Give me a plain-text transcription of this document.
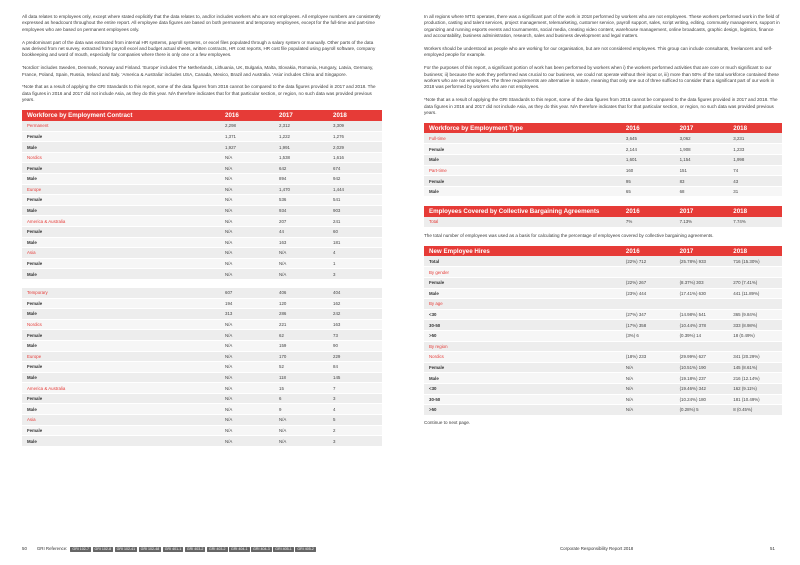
All data relates to employees only, except where stated explicitly that the data relates to, and/or includes workers who are not employees. All employee numbers are consistently expressed as headcount throughout the entire report. All employee data figures are based on both permanent and temporary employees, except for the full-time and part-time employees who are based on permanent employees only.
A predominant part of the data was extracted from internal HR systems, payroll systems, or excel files populated through a salary system or manually. Other parts of the data was derived from net survey, extracted from payroll excel and budget actual sheets, written contracts, HR cost reports, HR cost file populated using payroll software, company bookkeeping and word of mouth, especially for companies where there is only one or a few employees.
'Nordics' includes Sweden, Denmark, Norway and Finland. 'Europe' includes The Netherlands, Lithuania, UK, Bulgaria, Malta, Slovakia, Romania, Hungary, Latvia, Germany, France, Poland, Spain, Russia, Ireland and Italy. 'America & Australia' includes USA, Canada, Mexico, Brazil and Australia. 'Asia' includes China and Singapore.
*Note that as a result of applying the GRI Standards to this report, some of the data figures from 2016 cannot be compared to the data figures provided in 2017 and 2018. The data figures in 2016 and 2017 did not include Asia, as they do this year. N/A therefore indicates that for that particular section, or region, no such data was provided previous years.
Workforce by Employment Contract	2016	2017	2018
Permanent	2,298	2,312	3,309
Female	1,371	1,222	1,276
Male	1,927	1,991	2,029
Nordics	N/A	1,538	1,616
Female	N/A	642	674
Male	N/A	894	942
Europe	N/A	1,470	1,444
Female	N/A	536	541
Male	N/A	934	903
America & Australia	N/A	207	241
Female	N/A	44	60
Male	N/A	163	181
Asia	N/A	N/A	4
Female	N/A	N/A	1
Male	N/A	N/A	3

Temporary	607	406	404
Female	194	120	162
Male	313	286	242
Nordics	N/A	221	163
Female	N/A	62	73
Male	N/A	159	90
Europe	N/A	170	229
Female	N/A	52	84
Male	N/A	118	145
America & Australia	N/A	15	7
Female	N/A	6	3
Male	N/A	9	4
Asia	N/A	N/A	5
Female	N/A	N/A	2
Male	N/A	N/A	3
In all regions where MTG operates, there was a significant part of the work in 2018 performed by workers who are not employees. These workers performed work in the field of production, casting and talent services, project management, telemarketing, customer service, payroll support, sales, script writing, editing, community management, support in organizing and running esports events and tournaments, social media, creating video content, warehouse management, online broadcasts, graphic design, logistics, finance and accountability, business administration, research, sales and business development and legal matters.
Workers should be understood as people who are working for our organisation, but are not considered employees. This group can include consultants, freelancers and self-employed people for example.
For the purposes of this report, a significant portion of work has been performed by workers when i) the workers performed activities that are core or much significant to our business; ii) because the work they performed was crucial to our business, we could not operate without their input or, iii) more than 50% of the total workforce contained these workers who are not employees. The three requirements are alternative in nature, meaning that only one out of three sufficed to consider that a significant part of our work in 2018 was performed by workers who are not employees.
*Note that as a result of applying the GRI Standards to this report, some of the data figures from 2016 cannot be compared to the data figures provided in 2017 and 2018. The data figures in 2016 and 2017 did not include Asia, as they do this year. N/A therefore indicates that for that particular section, or region, no such data was provided previous years.
Workforce by Employment Type	2016	2017	2018
Full-time	3,645	3,062	3,231
Female	2,144	1,908	1,233
Male	1,601	1,154	1,998
Part-time	160	151	74
Female	95	83	43
Male	65	68	31
Employees Covered by Collective Bargaining Agreements	2016	2017	2018
Total	7%	7.13%	7.74%
The total number of employees was used as a basis for calculating the percentage of employees covered by collective bargaining agreements.
New Employee Hires	2016	2017	2018
Total	(22%) 712	(25.78%) 933	716 (15.30%)
By gender			
Female	(22%) 267	(8.37%) 303	270 (7.41%)
Male	(23%) 444	(17.41%) 630	441 (11.89%)
By age			
<30	(27%) 347	(14.98%) 541	365 (9.84%)
30-50	(17%) 358	(10.44%) 378	333 (8.98%)
>50	(3%) 6	(0.39%) 14	18 (0.49%)
By region			
Nordics	(18%) 233	(29.99%) 627	341 (20.29%)
Female	N/A	(10.51%) 190	145 (8.61%)
Male	N/A	(19.18%) 237	216 (12.14%)
<30	N/A	(19.46%) 342	162 (9.11%)
30-50	N/A	(10.24%) 180	181 (10.49%)
>50	N/A	(0.28%) 5	8 (0.45%)
Continue to next page.
50 GRI Reference:	GRI 102-7 GRI 102-8 GRI 102-41 GRI 102-48 GRI 401-1 GRI 403-2 GRI 403-2 GRI 404-1 GRI 404-3 GRI 405-1 GRI 405-2	Corporate Responsibility Report 2018	51
